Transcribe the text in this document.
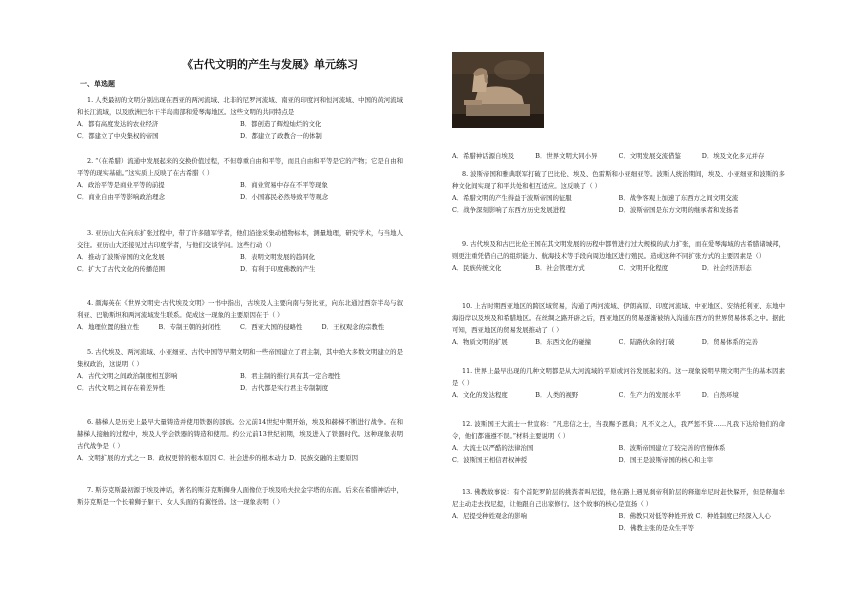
《古代文明的产生与发展》单元练习
一、单选题
1. 人类最初的文明分别出现在西亚的两河流域、北非的尼罗河流域、南亚的印度河和恒河流域、中国的黄河流域和长江流域，以及欧洲巴尔干半岛南部和爱琴海地区。这些文明的共同特点是
A．都有高度发达的农业经济	B．都创造了辉煌灿烂的文化
C．都建立了中央集权的帝国	D．都建立了政教合一的体制
2. “（在希腊）流通中发展起来的交换价值过程，不但尊重自由和平等，而且自由和平等是它的产物；它是自由和平等的现实基础。”这实质上反映了在古希腊（ ）
A．政治平等是商业平等的前提	B．商业贸易中存在不平等现象
C．商业自由平等影响政治理念	D．小国寡民必然导致平等观念
3. 亚历山大在向东扩张过程中，带了许多随军学者，他们沿途采集动植物标本，测量地理，研究学术，与当地人交往。亚历山大还接见过古印度学者，与他们交谈学问。这些行动（）
A．推动了波斯帝国的文化发展	B．表明文明发展的趋同化
C．扩大了古代文化的传播范围	D．有利于印度佛教的产生
4. 颜海英在《世界文明史·古代埃及文明》一书中指出，古埃及人主要向南与努比亚，向东北通过西奈半岛与叙利亚、巴勒斯坦和两河流域发生联系。促成这一现象的主要原因在于（ ）
A．地理位置的独立性	B．专制王朝的封闭性	C．西亚大国的侵略性	D．王权观念的宗教性
5. 古代埃及、两河流域、小亚细亚、古代中国等早期文明和一些帝国建立了君主制，其中绝大多数文明建立的是集权政治，这说明（ ）
A．古代文明之间政治制度相互影响	B．君主制的推行具有其一定合理性
C．古代文明之间存在着差异性	D．古代都是实行君主专制制度
6. 赫梯人是历史上最早大量铸造并使用铁器的部族。公元前14世纪中期开始，埃及和赫梯不断进行战争。在和赫梯人接触的过程中，埃及人学会铁器的铸造和使用。约公元前13世纪初期，埃及进入了铁器时代。这种现象表明古代战争是（ ）
A．文明扩展的方式之一 B．政权更替的根本原因 C．社会进步的根本动力 D．民族交融的主要原因
7. 斯芬克斯最初源于埃及神话，著名的斯芬克斯狮身人面像位于埃及哈夫拉金字塔的东面。后来在希腊神话中，斯芬克斯是一个长着狮子躯干、女人头面的有翼怪兽。这一现象表明（ ）
A．希腊神话源自埃及	B．世界文明大同小异	C．文明发展交流借鉴	D．埃及文化多元并存
8. 波斯帝国和雅典联军打破了巴比伦、埃及、色雷斯和小亚细亚等。波斯人统治期间，埃及、小亚细亚和波斯的多种文化间实现了和平共处和相互适应。这反映了（ ）
A．希腊文明的产生得益于波斯帝国的征服	B．战争客观上加速了东西方之间文明交流
C．战争深刻影响了东西方历史发展进程	D．波斯帝国是东方文明的继承者和发扬者
9. 古代埃及和古巴比伦王国在其文明发展的历程中都曾进行过大规模的武力扩张，而在爱琴海域的古希腊诸城邦，则更注重凭借自己的组织能力、航海技术等手段向周边地区进行殖民。造成这种不同扩张方式的主要因素是（）
A．民族传统文化	B．社会管理方式	C．文明开化程度	D．社会经济形态
10. 上古时期西亚地区的跨区域贸易，沟通了两河流域、伊朗高原、印度河流域、中亚地区、安纳托利亚、东地中海沿岸以及埃及和希腊地区。在丝绸之路开辟之后，西亚地区的贸易逐渐被纳入沟通东西方的世界贸易体系之中。据此可知，西亚地区的贸易发展推动了（ ）
A．物质文明的扩展	B．东西文化的碰撞	C．陆路伙余的打破	D．贸易体系的完善
11. 世界上最早出现的几种文明都是从大河流域的平原或河谷发展起来的。这一现象说明早期文明产生的基本因素是（ ）
A．文化的发达程度	B．人类的视野	C．生产力的发展水平	D．自然环境
12. 波斯国王大流士一世宣称：“凡忠信之士，当我赐予恩典；凡不义之人，我严惩不贷……凡我下达给他们的命令，他们都谨遵不误。”材料主要说明（ ）
A．大流士以严酷的法律治国	B．波斯帝国建立了较完善的官僚体系
C．波斯国王相信君权神授	D．国王是波斯帝国的核心和主宰
13. 佛教故事说：有个首陀罗阶层的挑粪者叫尼提，他在路上遇见刹帝利阶层的释迦牟尼时赶快躲开，但是释迦牟尼主动走去找尼提，让他跟自己出家修行。这个故事的核心是宣扬（ ）
A．尼提受种姓观念的影响	B．佛教只对低等种姓开放 C．种姓制度已经深入人心
D．佛教主张的是众生平等
